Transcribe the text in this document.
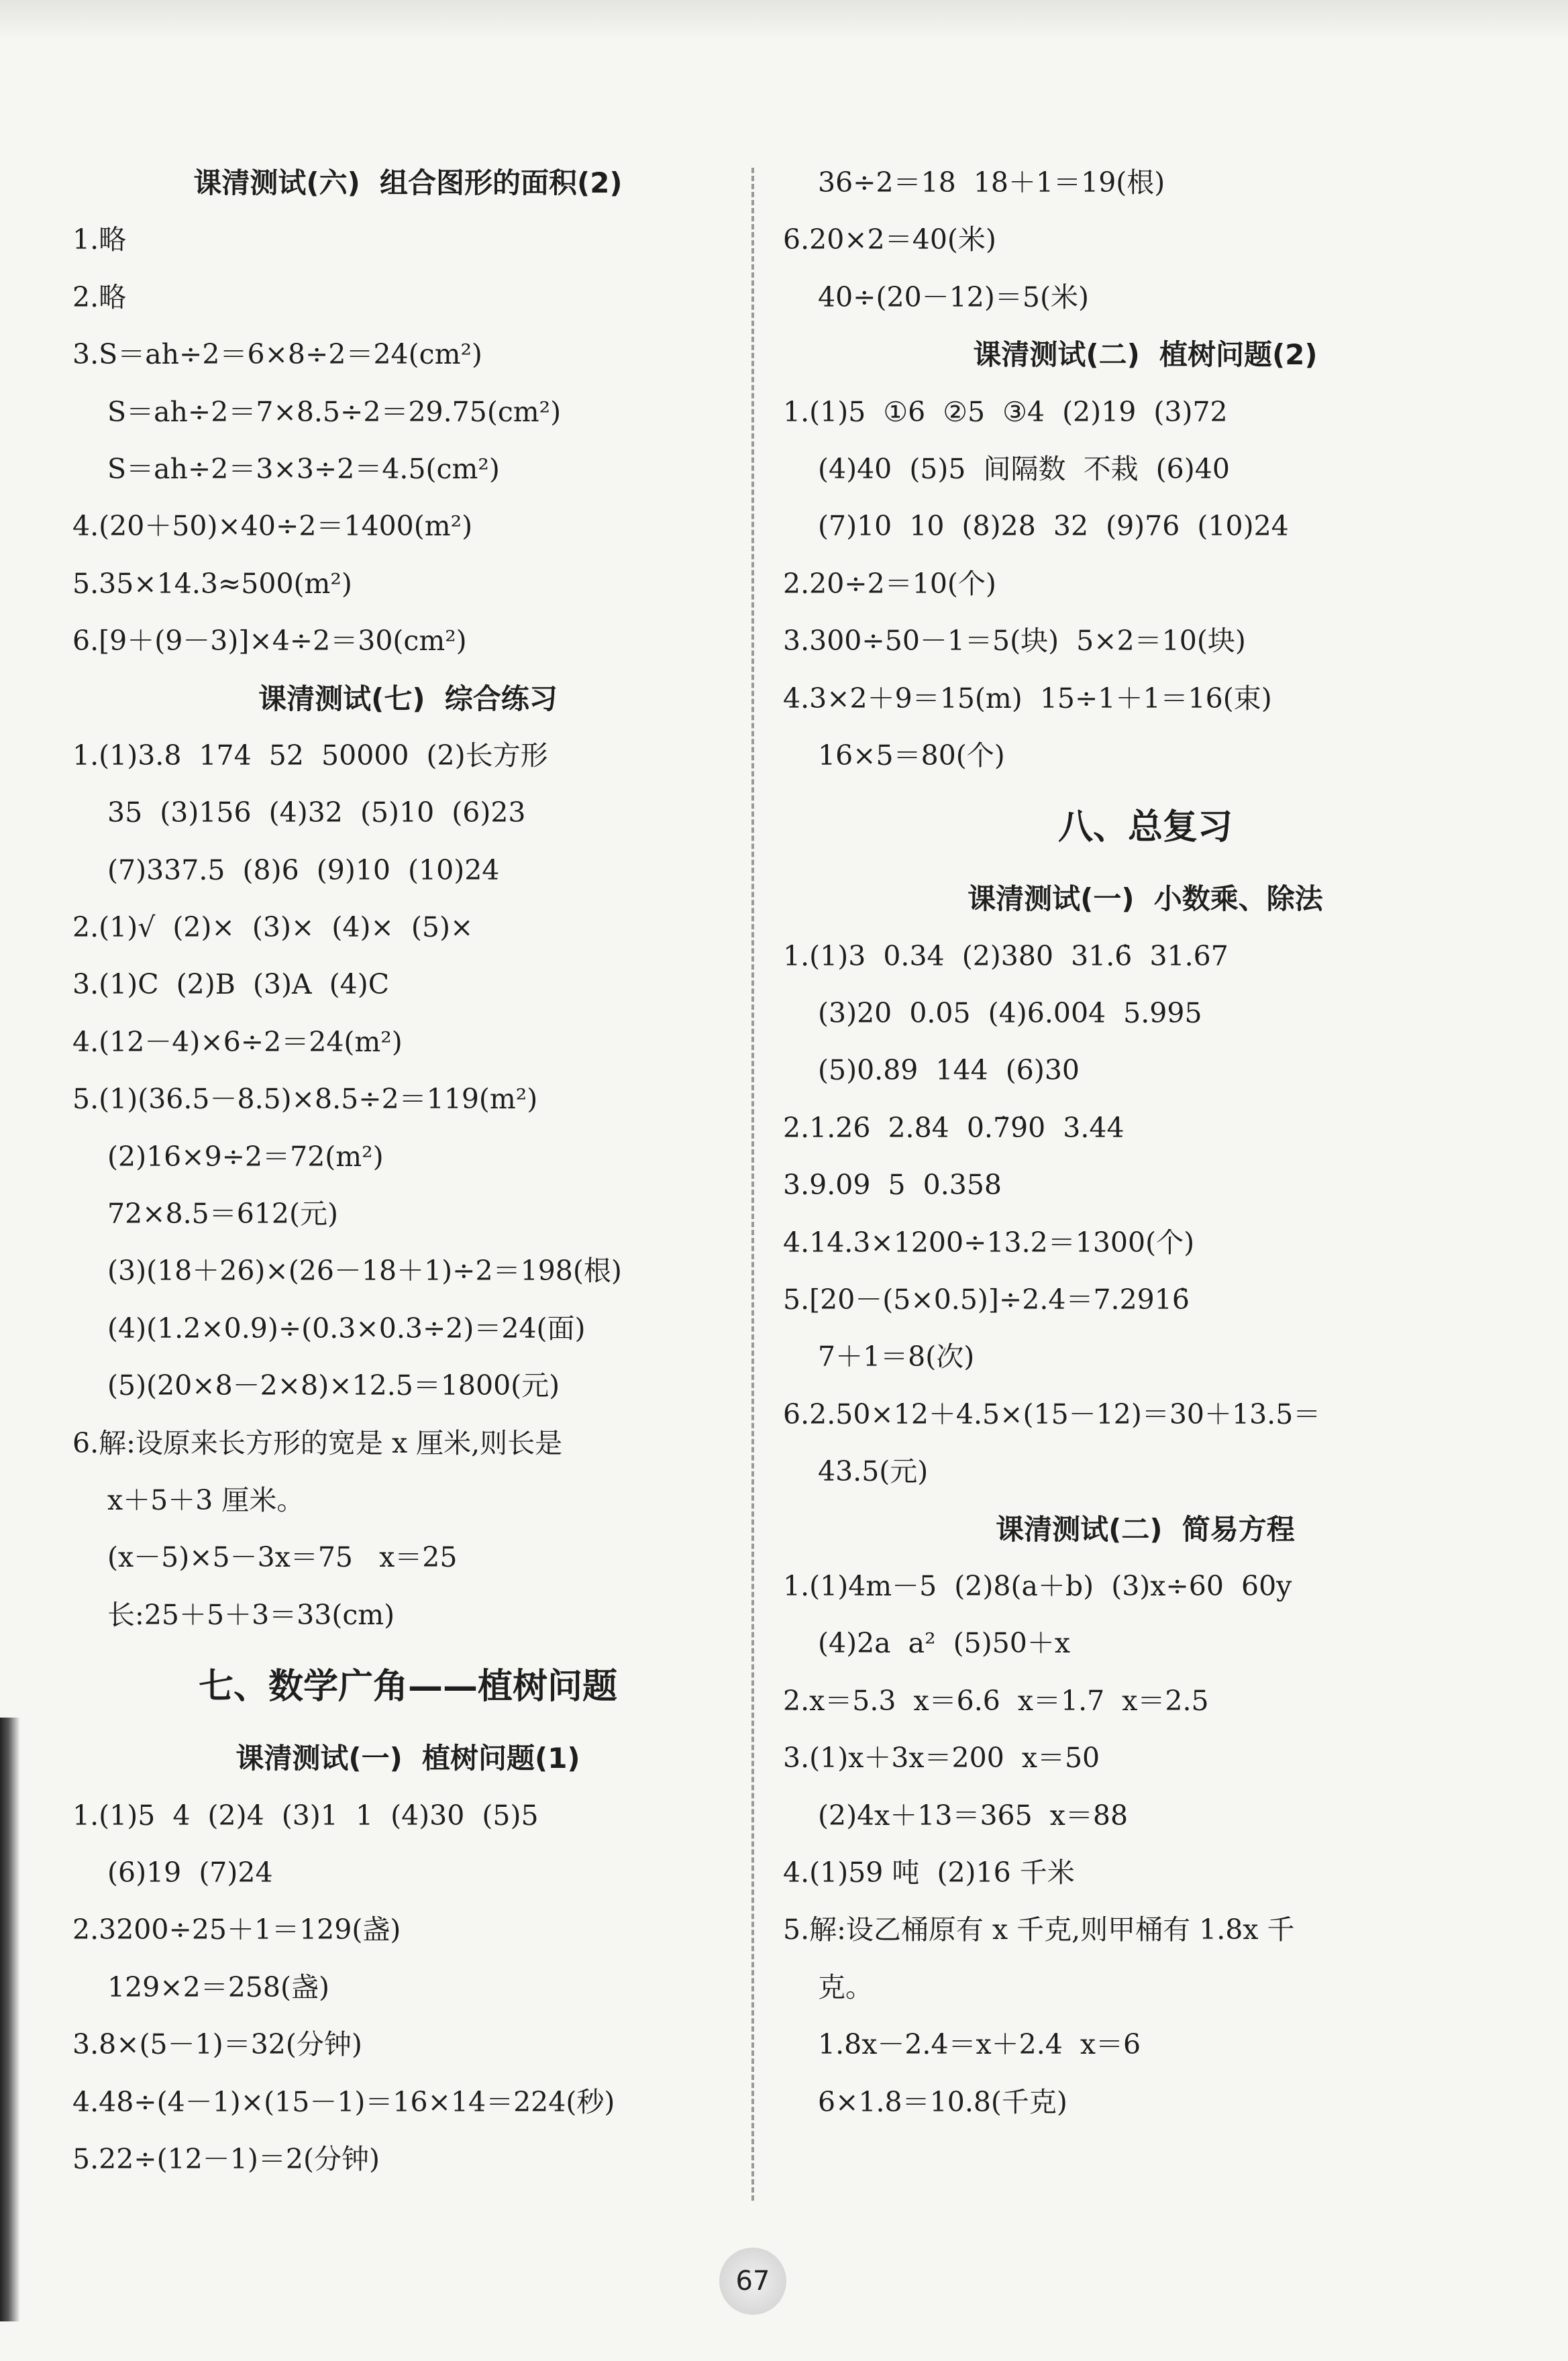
课清测试(六)  组合图形的面积(2)
1.略
2.略
3.S＝ah÷2＝6×8÷2＝24(cm²)
S＝ah÷2＝7×8.5÷2＝29.75(cm²)
S＝ah÷2＝3×3÷2＝4.5(cm²)
4.(20＋50)×40÷2＝1400(m²)
5.35×14.3≈500(m²)
6.[9＋(9－3)]×4÷2＝30(cm²)
课清测试(七)  综合练习
1.(1)3.8  174  52  50000  (2)长方形
35  (3)156  (4)32  (5)10  (6)23
(7)337.5  (8)6  (9)10  (10)24
2.(1)√  (2)×  (3)×  (4)×  (5)×
3.(1)C  (2)B  (3)A  (4)C
4.(12－4)×6÷2＝24(m²)
5.(1)(36.5－8.5)×8.5÷2＝119(m²)
(2)16×9÷2＝72(m²)
72×8.5＝612(元)
(3)(18＋26)×(26－18＋1)÷2＝198(根)
(4)(1.2×0.9)÷(0.3×0.3÷2)＝24(面)
(5)(20×8－2×8)×12.5＝1800(元)
6.解:设原来长方形的宽是 x 厘米,则长是
x＋5＋3 厘米。
(x－5)×5－3x＝75   x＝25
长:25＋5＋3＝33(cm)
七、数学广角——植树问题
课清测试(一)  植树问题(1)
1.(1)5  4  (2)4  (3)1  1  (4)30  (5)5
(6)19  (7)24
2.3200÷25＋1＝129(盏)
129×2＝258(盏)
3.8×(5－1)＝32(分钟)
4.48÷(4－1)×(15－1)＝16×14＝224(秒)
5.22÷(12－1)＝2(分钟)
36÷2＝18  18＋1＝19(根)
6.20×2＝40(米)
40÷(20－12)＝5(米)
课清测试(二)  植树问题(2)
1.(1)5  ①6  ②5  ③4  (2)19  (3)72
(4)40  (5)5  间隔数  不栽  (6)40
(7)10  10  (8)28  32  (9)76  (10)24
2.20÷2＝10(个)
3.300÷50－1＝5(块)  5×2＝10(块)
4.3×2＋9＝15(m)  15÷1＋1＝16(束)
16×5＝80(个)
八、总复习
课清测试(一)  小数乘、除法
1.(1)3  0.34  (2)380  31.6̇  31.67
(3)20  0.05  (4)6.004  5.995
(5)0.89  144  (6)30
2.1.26  2.84  0.7̇9̇0  3.44
3.9.09  5  0.358
4.14.3×1200÷13.2＝1300(个)
5.[20－(5×0.5)]÷2.4＝7.2916̇
7＋1＝8(次)
6.2.50×12＋4.5×(15－12)＝30＋13.5＝
43.5(元)
课清测试(二)  简易方程
1.(1)4m－5  (2)8(a＋b)  (3)x÷60  60y
(4)2a  a²  (5)50＋x
2.x＝5.3  x＝6.6  x＝1.7  x＝2.5
3.(1)x＋3x＝200  x＝50
(2)4x＋13＝365  x＝88
4.(1)59 吨  (2)16 千米
5.解:设乙桶原有 x 千克,则甲桶有 1.8x 千
克。
1.8x－2.4＝x＋2.4  x＝6
6×1.8＝10.8(千克)
67
